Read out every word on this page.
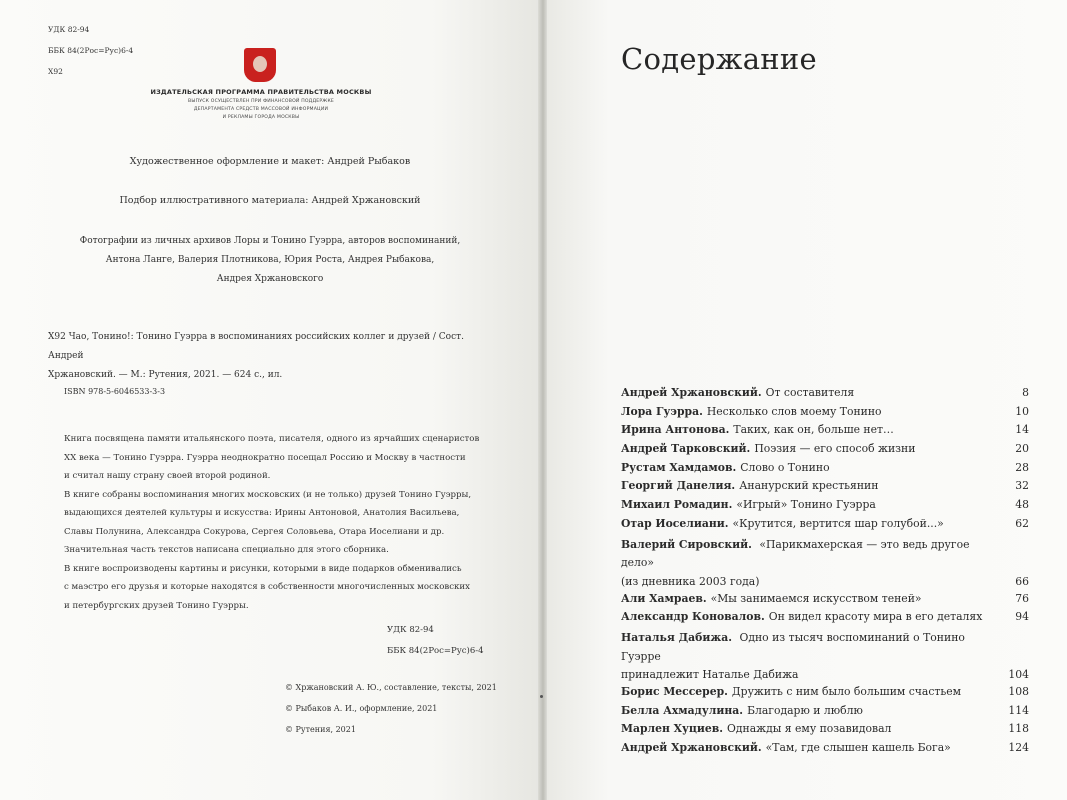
УДК 82-94
ББК 84(2Рос=Рус)6-4
Х92
ИЗДАТЕЛЬСКАЯ ПРОГРАММА ПРАВИТЕЛЬСТВА МОСКВЫ
ВЫПУСК ОСУЩЕСТВЛЕН ПРИ ФИНАНСОВОЙ ПОДДЕРЖКЕ
ДЕПАРТАМЕНТА СРЕДСТВ МАССОВОЙ ИНФОРМАЦИИ
И РЕКЛАМЫ ГОРОДА МОСКВЫ
Художественное оформление и макет: Андрей Рыбаков
Подбор иллюстративного материала: Андрей Хржановский
Фотографии из личных архивов Лоры и Тонино Гуэрра, авторов воспоминаний,
Антона Ланге, Валерия Плотникова, Юрия Роста, Андрея Рыбакова,
Андрея Хржановского
Х92 Чао, Тонино!: Тонино Гуэрра в воспоминаниях российских коллег и друзей / Сост. Андрей
Хржановский. — М.: Рутения, 2021. — 624 с., ил.
ISBN 978-5-6046533-3-3

Книга посвящена памяти итальянского поэта, писателя, одного из ярчайших сценаристов

XX века — Тонино Гуэрра. Гуэрра неоднократно посещал Россию и Москву в частности

и считал нашу страну своей второй родиной.

В книге собраны воспоминания многих московских (и не только) друзей Тонино Гуэрры,

выдающихся деятелей культуры и искусства: Ирины Антоновой, Анатолия Васильева,

Славы Полунина, Александра Сокурова, Сергея Соловьева, Отара Иоселиани и др.

Значительная часть текстов написана специально для этого сборника.

В книге воспроизводены картины и рисунки, которыми в виде подарков обменивались

с маэстро его друзья и которые находятся в собственности многочисленных московских

и петербургских друзей Тонино Гуэрры.

УДК 82-94
ББК 84(2Рос=Рус)6-4
© Хржановский А. Ю., составление, тексты, 2021
© Рыбаков А. И., оформление, 2021
© Рутения, 2021
Содержание
Андрей Хржановский. От составителя	8
Лора Гуэрра. Несколько слов моему Тонино	10
Ирина Антонова. Таких, как он, больше нет…	14
Андрей Тарковский. Поэзия — его способ жизни	20
Рустам Хамдамов. Слово о Тонино	28
Георгий Данелия. Ананурский крестьянин	32
Михаил Ромадин. «Игрый» Тонино Гуэрра	48
Отар Иоселиани. «Крутится, вертится шар голубой...»	62
Валерий Сировский. «Парикмахерская — это ведь другое дело»
(из дневника 2003 года)	66
Али Хамраев. «Мы занимаемся искусством теней»	76
Александр Коновалов. Он видел красоту мира в его деталях	94
Наталья Дабижа. Одно из тысяч воспоминаний о Тонино Гуэрре
принадлежит Наталье Дабижа	104
Борис Мессерер. Дружить с ним было большим счастьем	108
Белла Ахмадулина. Благодарю и люблю	114
Марлен Хуциев. Однажды я ему позавидовал	118
Андрей Хржановский. «Там, где слышен кашель Бога»	124
